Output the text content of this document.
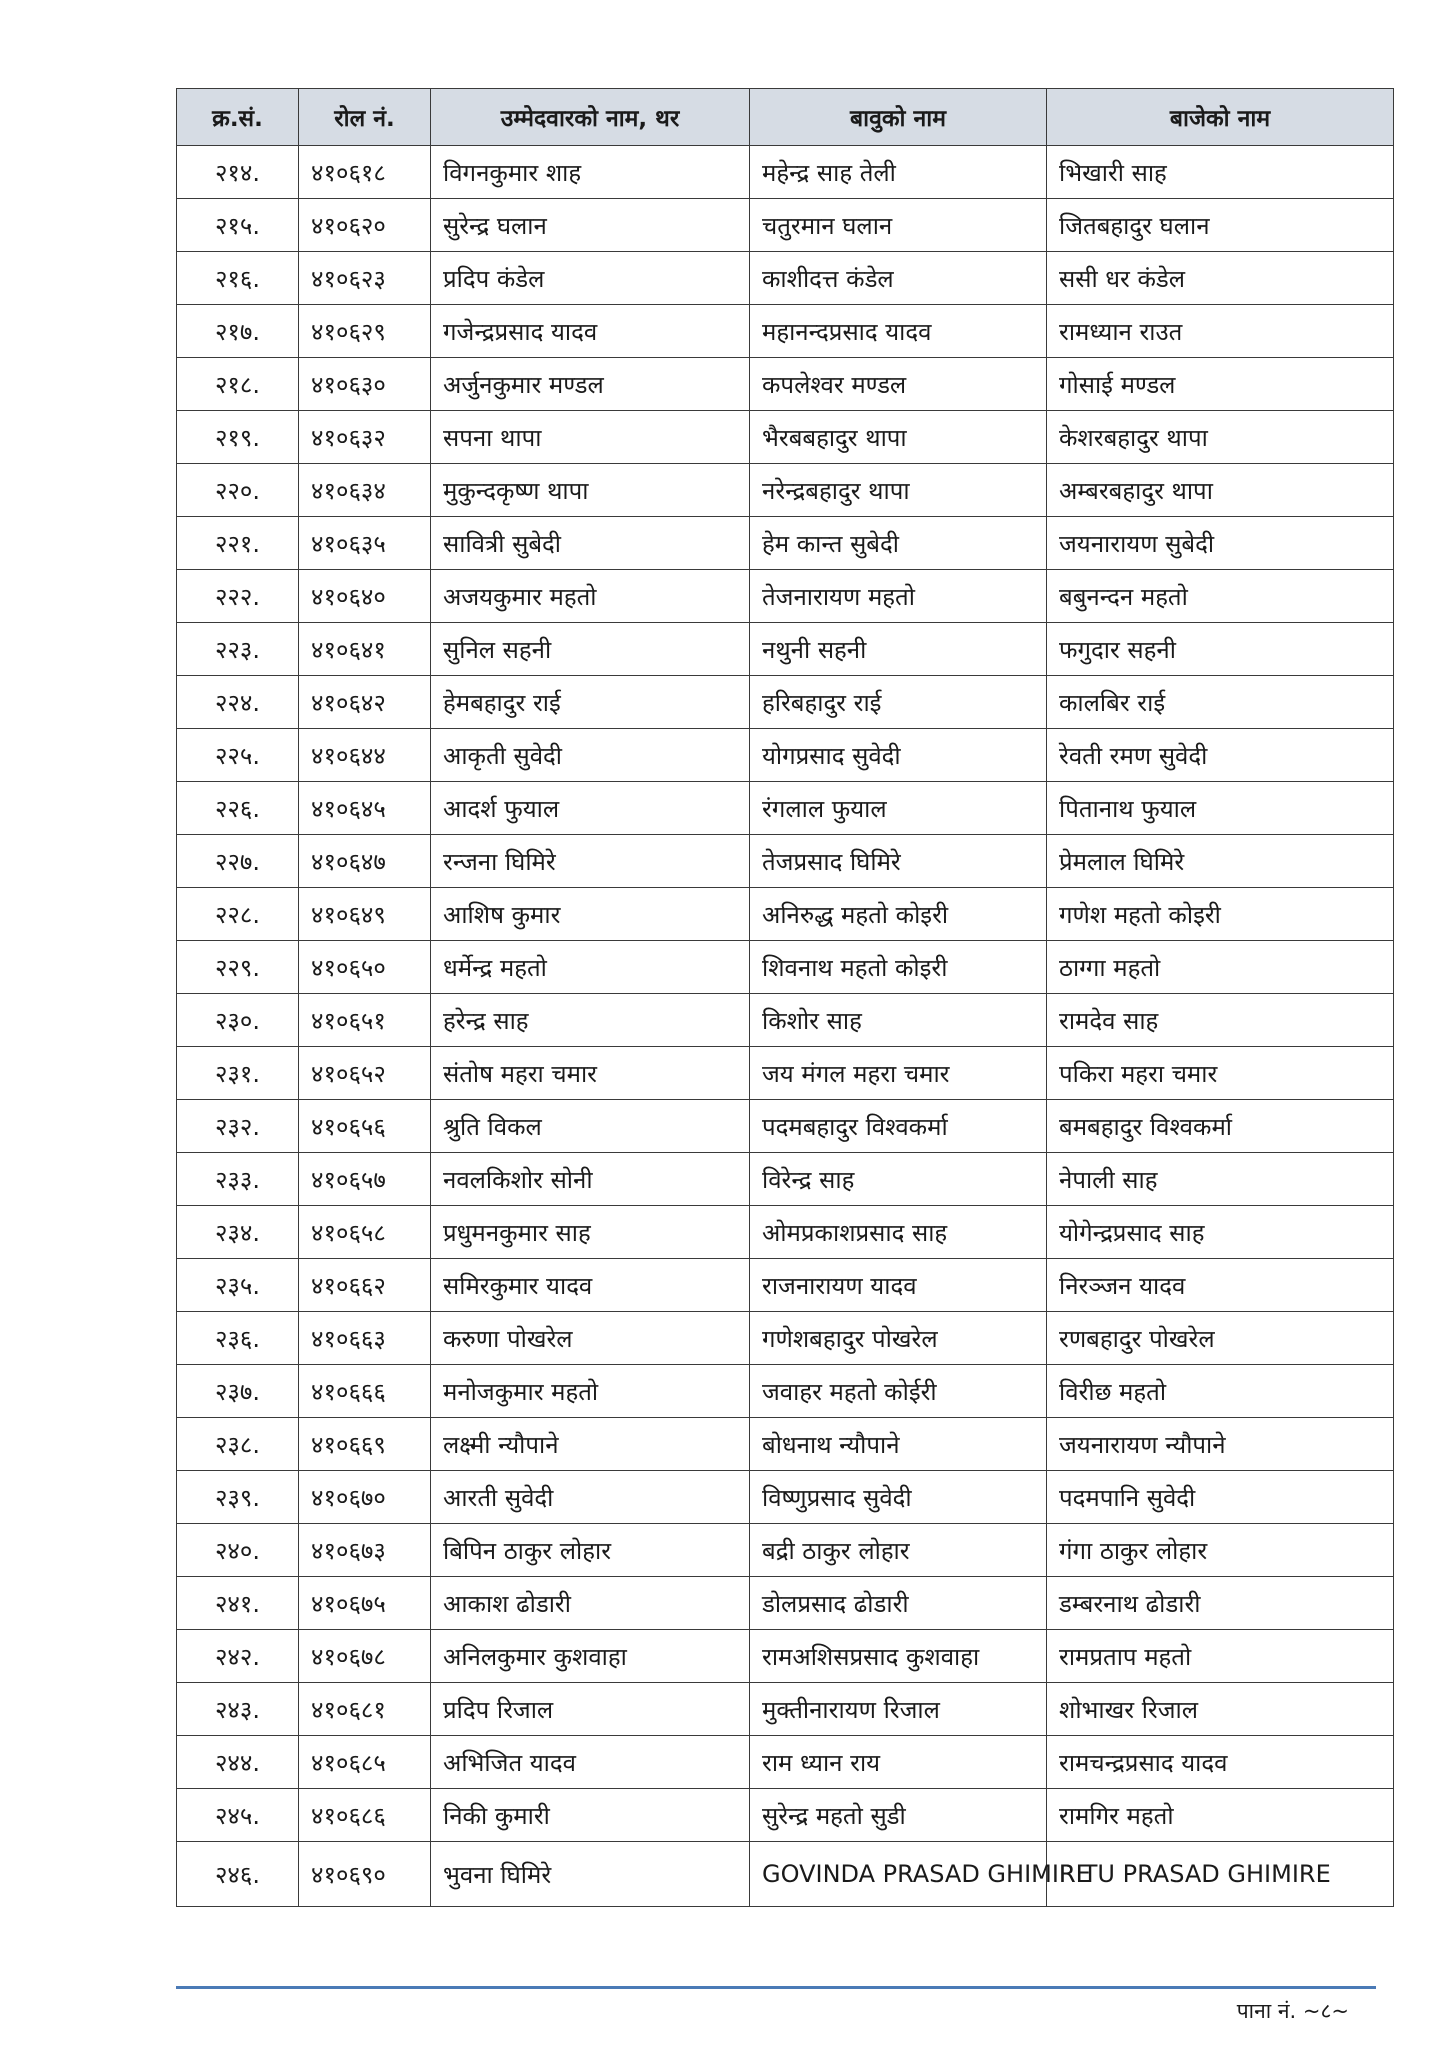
क्र.सं.	रोल नं.	उम्मेदवारको नाम, थर	बावुको नाम	बाजेको नाम
२१४.	४१०६१८	विगनकुमार शाह	महेन्द्र साह तेली	भिखारी साह
२१५.	४१०६२०	सुरेन्द्र घलान	चतुरमान घलान	जितबहादुर घलान
२१६.	४१०६२३	प्रदिप कंडेल	काशीदत्त कंडेल	ससी धर कंडेल
२१७.	४१०६२९	गजेन्द्रप्रसाद यादव	महानन्दप्रसाद यादव	रामध्यान राउत
२१८.	४१०६३०	अर्जुनकुमार मण्डल	कपलेश्वर मण्डल	गोसाई मण्डल
२१९.	४१०६३२	सपना थापा	भैरबबहादुर थापा	केशरबहादुर थापा
२२०.	४१०६३४	मुकुन्दकृष्ण थापा	नरेन्द्रबहादुर थापा	अम्बरबहादुर थापा
२२१.	४१०६३५	सावित्री सुबेदी	हेम कान्त सुबेदी	जयनारायण सुबेदी
२२२.	४१०६४०	अजयकुमार महतो	तेजनारायण महतो	बबुनन्दन महतो
२२३.	४१०६४१	सुनिल सहनी	नथुनी सहनी	फगुदार सहनी
२२४.	४१०६४२	हेमबहादुर राई	हरिबहादुर राई	कालबिर राई
२२५.	४१०६४४	आकृती सुवेदी	योगप्रसाद सुवेदी	रेवती रमण सुवेदी
२२६.	४१०६४५	आदर्श फुयाल	रंगलाल फुयाल	पितानाथ फुयाल
२२७.	४१०६४७	रन्जना घिमिरे	तेजप्रसाद घिमिरे	प्रेमलाल घिमिरे
२२८.	४१०६४९	आशिष कुमार	अनिरुद्ध महतो कोइरी	गणेश महतो कोइरी
२२९.	४१०६५०	धर्मेन्द्र महतो	शिवनाथ महतो कोइरी	ठाग्गा महतो
२३०.	४१०६५१	हरेन्द्र साह	किशोर साह	रामदेव साह
२३१.	४१०६५२	संतोष महरा चमार	जय मंगल महरा चमार	पकिरा महरा चमार
२३२.	४१०६५६	श्रुति विकल	पदमबहादुर विश्वकर्मा	बमबहादुर विश्वकर्मा
२३३.	४१०६५७	नवलकिशोर सोनी	विरेन्द्र साह	नेपाली साह
२३४.	४१०६५८	प्रधुमनकुमार साह	ओमप्रकाशप्रसाद साह	योगेन्द्रप्रसाद साह
२३५.	४१०६६२	समिरकुमार यादव	राजनारायण यादव	निरञ्जन यादव
२३६.	४१०६६३	करुणा पोखरेल	गणेशबहादुर पोखरेल	रणबहादुर पोखरेल
२३७.	४१०६६६	मनोजकुमार महतो	जवाहर महतो कोईरी	विरीछ महतो
२३८.	४१०६६९	लक्ष्मी न्यौपाने	बोधनाथ न्यौपाने	जयनारायण न्यौपाने
२३९.	४१०६७०	आरती सुवेदी	विष्णुप्रसाद सुवेदी	पदमपानि सुवेदी
२४०.	४१०६७३	बिपिन ठाकुर लोहार	बद्री ठाकुर लोहार	गंगा ठाकुर लोहार
२४१.	४१०६७५	आकाश ढोडारी	डोलप्रसाद ढोडारी	डम्बरनाथ ढोडारी
२४२.	४१०६७८	अनिलकुमार कुशवाहा	रामअशिसप्रसाद कुशवाहा	रामप्रताप महतो
२४३.	४१०६८१	प्रदिप रिजाल	मुक्तीनारायण रिजाल	शोभाखर रिजाल
२४४.	४१०६८५	अभिजित यादव	राम ध्यान राय	रामचन्द्रप्रसाद यादव
२४५.	४१०६८६	निकी कुमारी	सुरेन्द्र महतो सुडी	रामगिर महतो
२४६.	४१०६९०	भुवना घिमिरे	GOVINDA PRASAD GHIMIRE	RITU PRASAD GHIMIRE
पाना नं. ~८~
